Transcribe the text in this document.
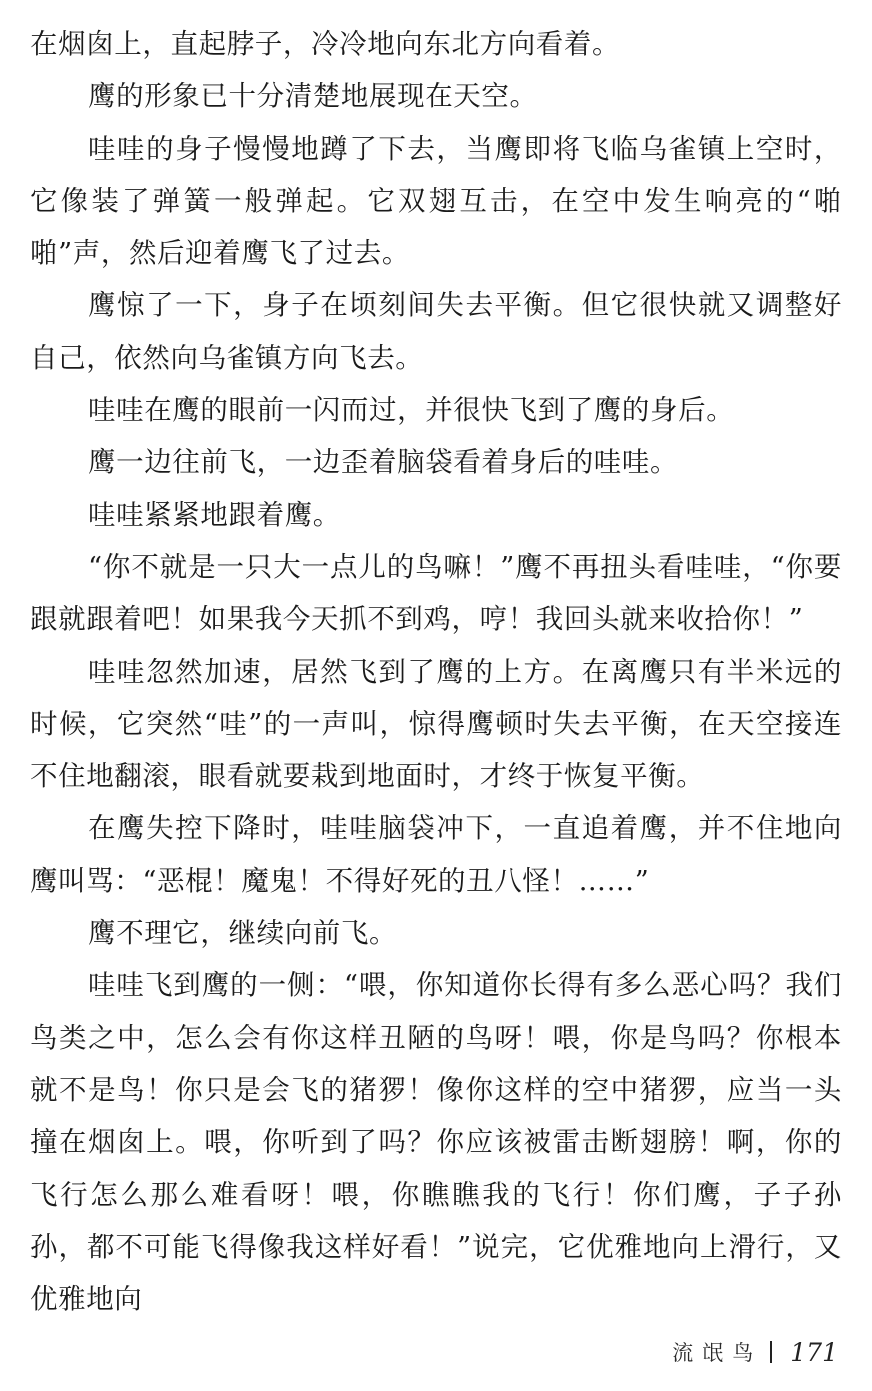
在烟囱上，直起脖子，冷冷地向东北方向看着。

鹰的形象已十分清楚地展现在天空。

哇哇的身子慢慢地蹲了下去，当鹰即将飞临乌雀镇上空时，它像装了弹簧一般弹起。它双翅互击，在空中发生响亮的“啪啪”声，然后迎着鹰飞了过去。

鹰惊了一下，身子在顷刻间失去平衡。但它很快就又调整好自己，依然向乌雀镇方向飞去。

哇哇在鹰的眼前一闪而过，并很快飞到了鹰的身后。

鹰一边往前飞，一边歪着脑袋看着身后的哇哇。

哇哇紧紧地跟着鹰。

“你不就是一只大一点儿的鸟嘛！”鹰不再扭头看哇哇，“你要跟就跟着吧！如果我今天抓不到鸡，哼！我回头就来收拾你！”

哇哇忽然加速，居然飞到了鹰的上方。在离鹰只有半米远的时候，它突然“哇”的一声叫，惊得鹰顿时失去平衡，在天空接连不住地翻滚，眼看就要栽到地面时，才终于恢复平衡。

在鹰失控下降时，哇哇脑袋冲下，一直追着鹰，并不住地向鹰叫骂：“恶棍！魔鬼！不得好死的丑八怪！……”

鹰不理它，继续向前飞。

哇哇飞到鹰的一侧：“喂，你知道你长得有多么恶心吗？我们鸟类之中，怎么会有你这样丑陋的鸟呀！喂，你是鸟吗？你根本就不是鸟！你只是会飞的猪猡！像你这样的空中猪猡，应当一头撞在烟囱上。喂，你听到了吗？你应该被雷击断翅膀！啊，你的飞行怎么那么难看呀！喂，你瞧瞧我的飞行！你们鹰，子子孙孙，都不可能飞得像我这样好看！”说完，它优雅地向上滑行，又优雅地向

流氓鸟 171
